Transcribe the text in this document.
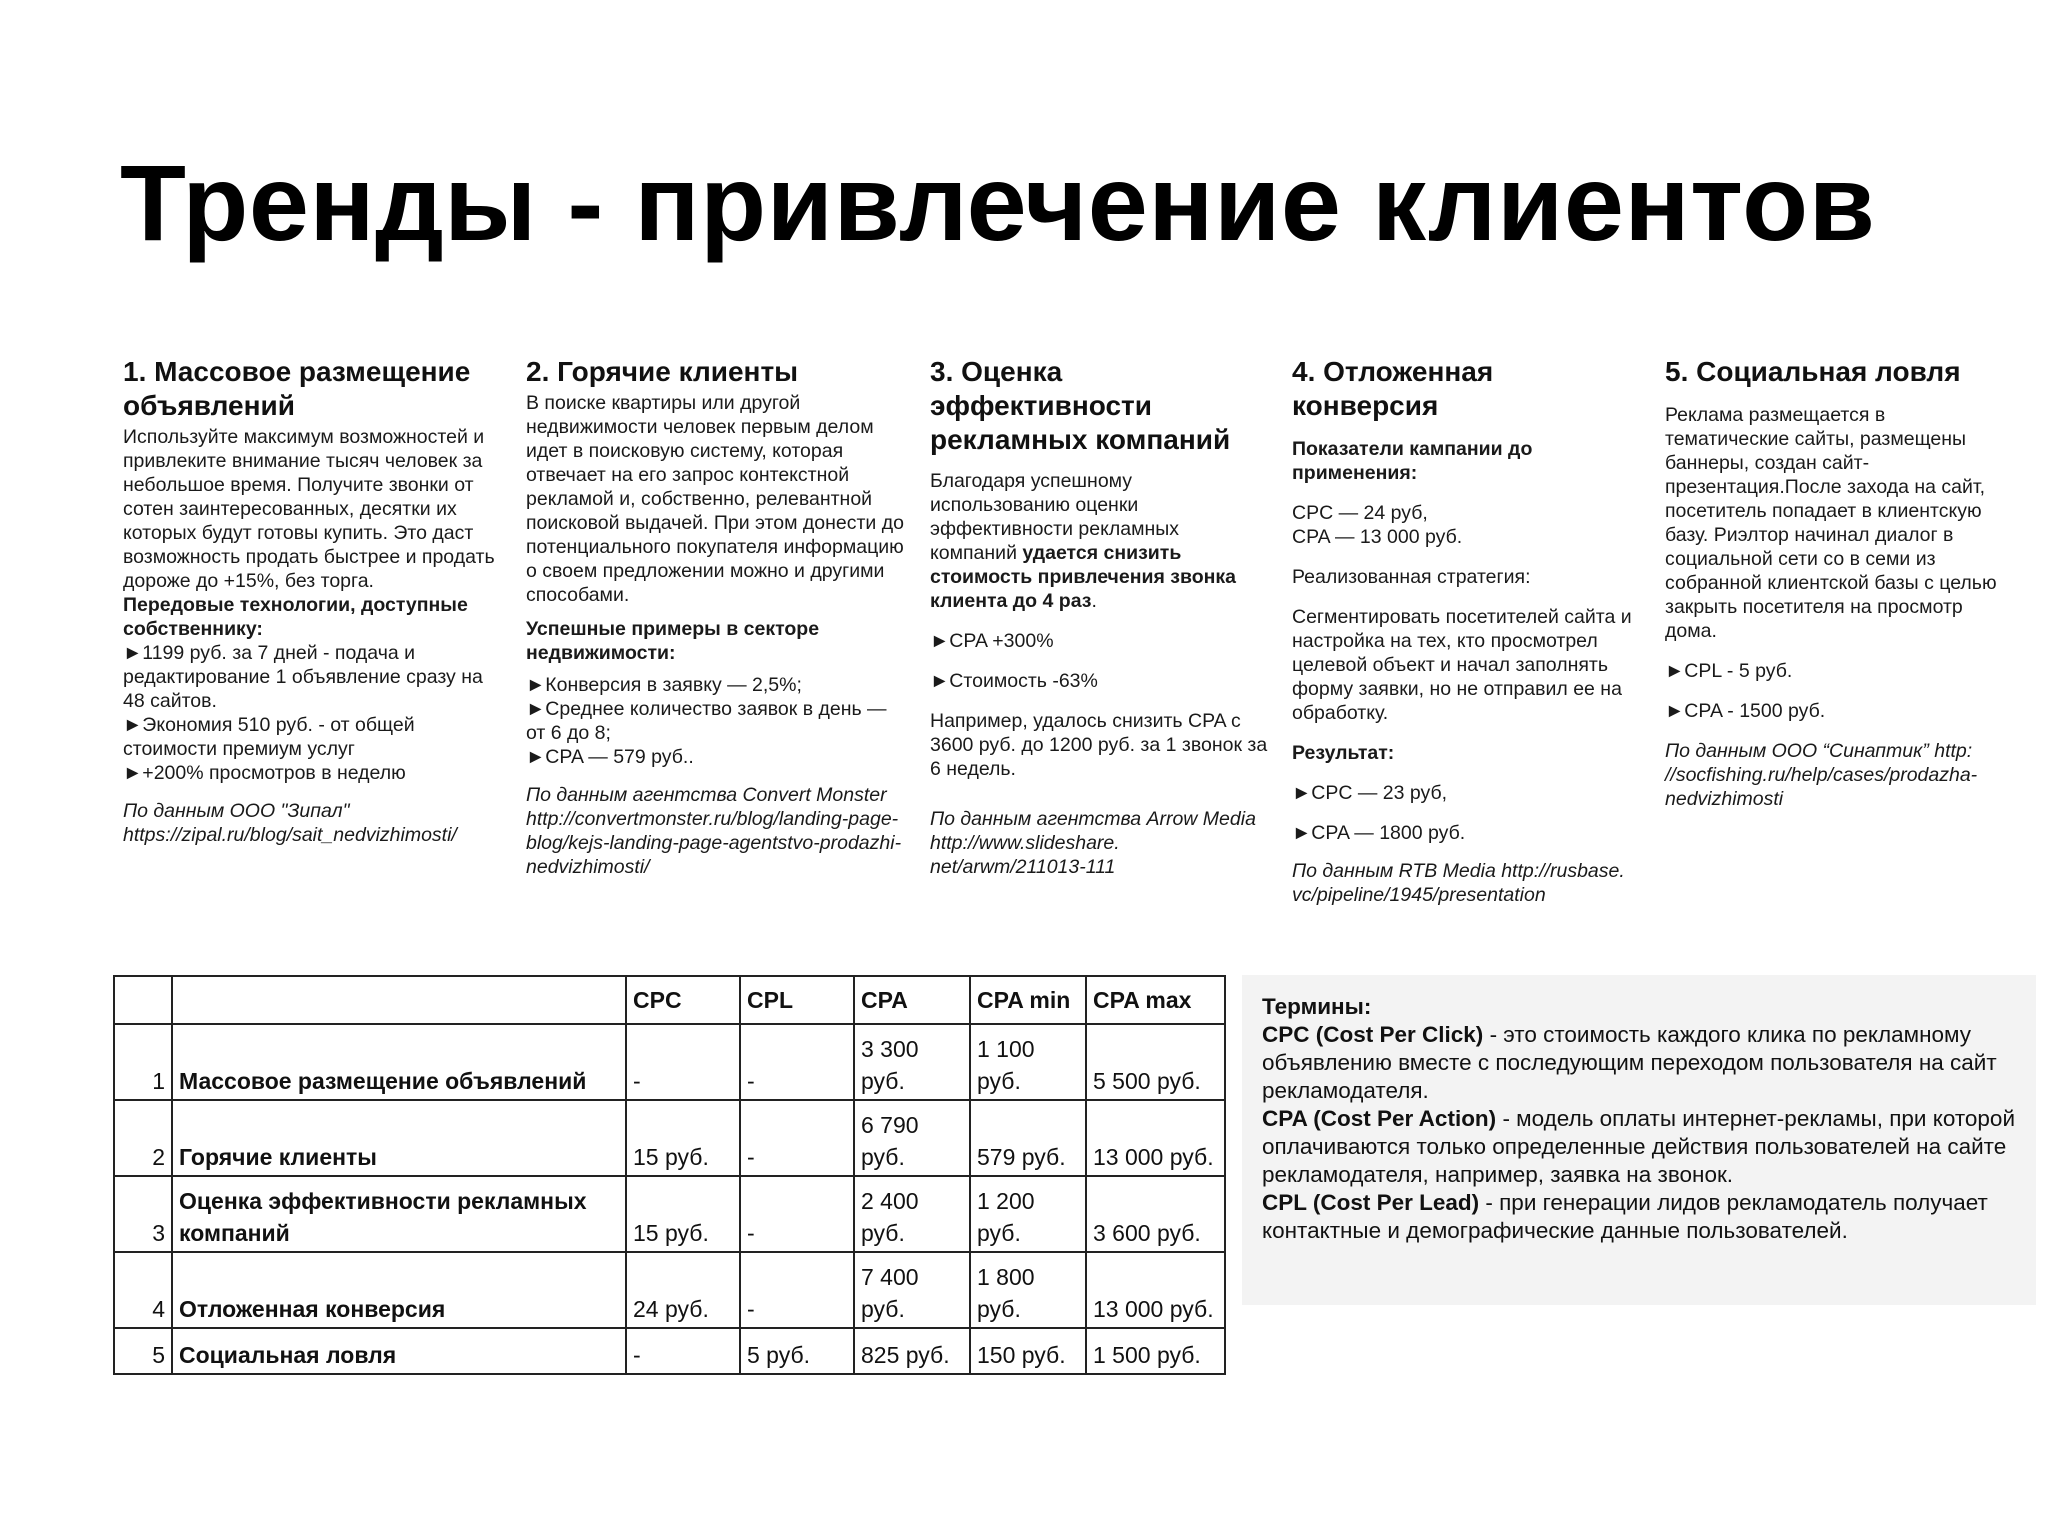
Тренды - привлечение клиентов
1. Массовое размещение объявлений

Используйте максимум возможностей и привлеките внимание тысяч человек за небольшое время. Получите звонки от сотен заинтересованных, десятки их которых будут готовы купить. Это даст возможность продать быстрее и продать дороже до +15%, без торга.

Передовые технологии, доступные собственнику:

►1199 руб. за 7 дней - подача и редактирование 1 объявление сразу на 48 сайтов.

►Экономия 510 руб. - от общей стоимости премиум услуг

►+200% просмотров в неделю

По данным ООО "Зипал"
https://zipal.ru/blog/sait_nedvizhimosti/

2. Горячие клиенты

В поиске квартиры или другой недвижимости человек первым делом идет в поисковую систему, которая отвечает на его запрос контекстной рекламой и, собственно, релевантной поисковой выдачей. При этом донести до потенциального покупателя информацию о своем предложении можно и другими способами.

Успешные примеры в секторе недвижимости:

►Конверсия в заявку — 2,5%;

►Среднее количество заявок в день — от 6 до 8;

►CPA — 579 руб..

По данным агентства Convert Monster http://convertmonster.ru/blog/landing-page-blog/kejs-landing-page-agentstvo-prodazhi-nedvizhimosti/

3. Оценка эффективности рекламных компаний

Благодаря успешному использованию оценки эффективности рекламных компаний удается снизить стоимость привлечения звонка клиента до 4 раз.

►CPA +300%

►Стоимость -63%

Например, удалось снизить CPA с 3600 руб. до 1200 руб. за 1 звонок за 6 недель.

По данным агентства Arrow Media http://www.slideshare. net/arwm/211013-111

4. Отложенная конверсия

Показатели кампании до применения:

CPC — 24 руб,

CPA — 13 000 руб.

Реализованная стратегия:

Сегментировать посетителей сайта и настройка на тех, кто просмотрел целевой объект и начал заполнять форму заявки, но не отправил ее на обработку.

Результат:

►CPC — 23 руб,

►CPA — 1800 руб.

По данным RTB Media http://rusbase. vc/pipeline/1945/presentation

5. Социальная ловля

Реклама размещается в тематические сайты, размещены баннеры, создан сайт-презентация.После захода на сайт, посетитель попадает в клиентскую базу. Риэлтор начинал диалог в социальной сети со в семи из собранной клиентской базы с целью закрыть посетителя на просмотр дома.

►CPL - 5 руб.

►CPA - 1500 руб.

По данным ООО “Синаптик” http: //socfishing.ru/help/cases/prodazha-nedvizhimosti

		CPC	CPL	CPA	CPA min	CPA max
1	Массовое размещение объявлений	-	-	3 300 руб.	1 100 руб.	5 500 руб.
2	Горячие клиенты	15 руб.	-	6 790 руб.	579 руб.	13 000 руб.
3	Оценка эффективности рекламных компаний	15 руб.	-	2 400 руб.	1 200 руб.	3 600 руб.
4	Отложенная конверсия	24 руб.	-	7 400 руб.	1 800 руб.	13 000 руб.
5	Социальная ловля	-	5 руб.	825 руб.	150 руб.	1 500 руб.

Термины:

CPC (Cost Per Click) - это стоимость каждого клика по рекламному объявлению вместе с последующим переходом пользователя на сайт рекламодателя.

CPA (Cost Per Action) - модель оплаты интернет-рекламы, при которой оплачиваются только определенные действия пользователей на сайте рекламодателя, например, заявка на звонок.

CPL (Cost Per Lead) - при генерации лидов рекламодатель получает контактные и демографические данные пользователей.
